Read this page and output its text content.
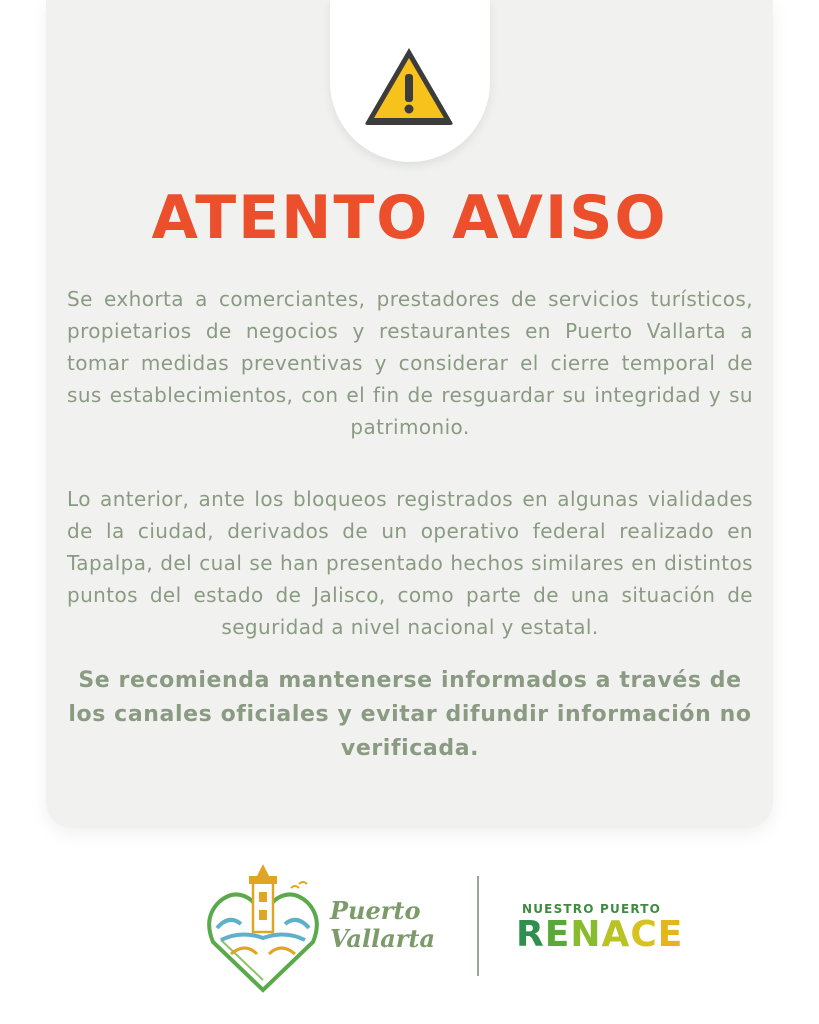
ATENTO AVISO

Se exhorta a comerciantes, prestadores de servicios turísticos, propietarios de negocios y restaurantes en Puerto Vallarta a tomar medidas preventivas y considerar el cierre temporal de sus establecimientos, con el fin de resguardar su integridad y su patrimonio.

Lo anterior, ante los bloqueos registrados en algunas vialidades de la ciudad, derivados de un operativo federal realizado en Tapalpa, del cual se han presentado hechos similares en distintos puntos del estado de Jalisco, como parte de una situación de seguridad a nivel nacional y estatal.

Se recomienda mantenerse informados a través de los canales oficiales y evitar difundir información no verificada.

Puerto
Vallarta
NUESTRO PUERTO
RENACE
